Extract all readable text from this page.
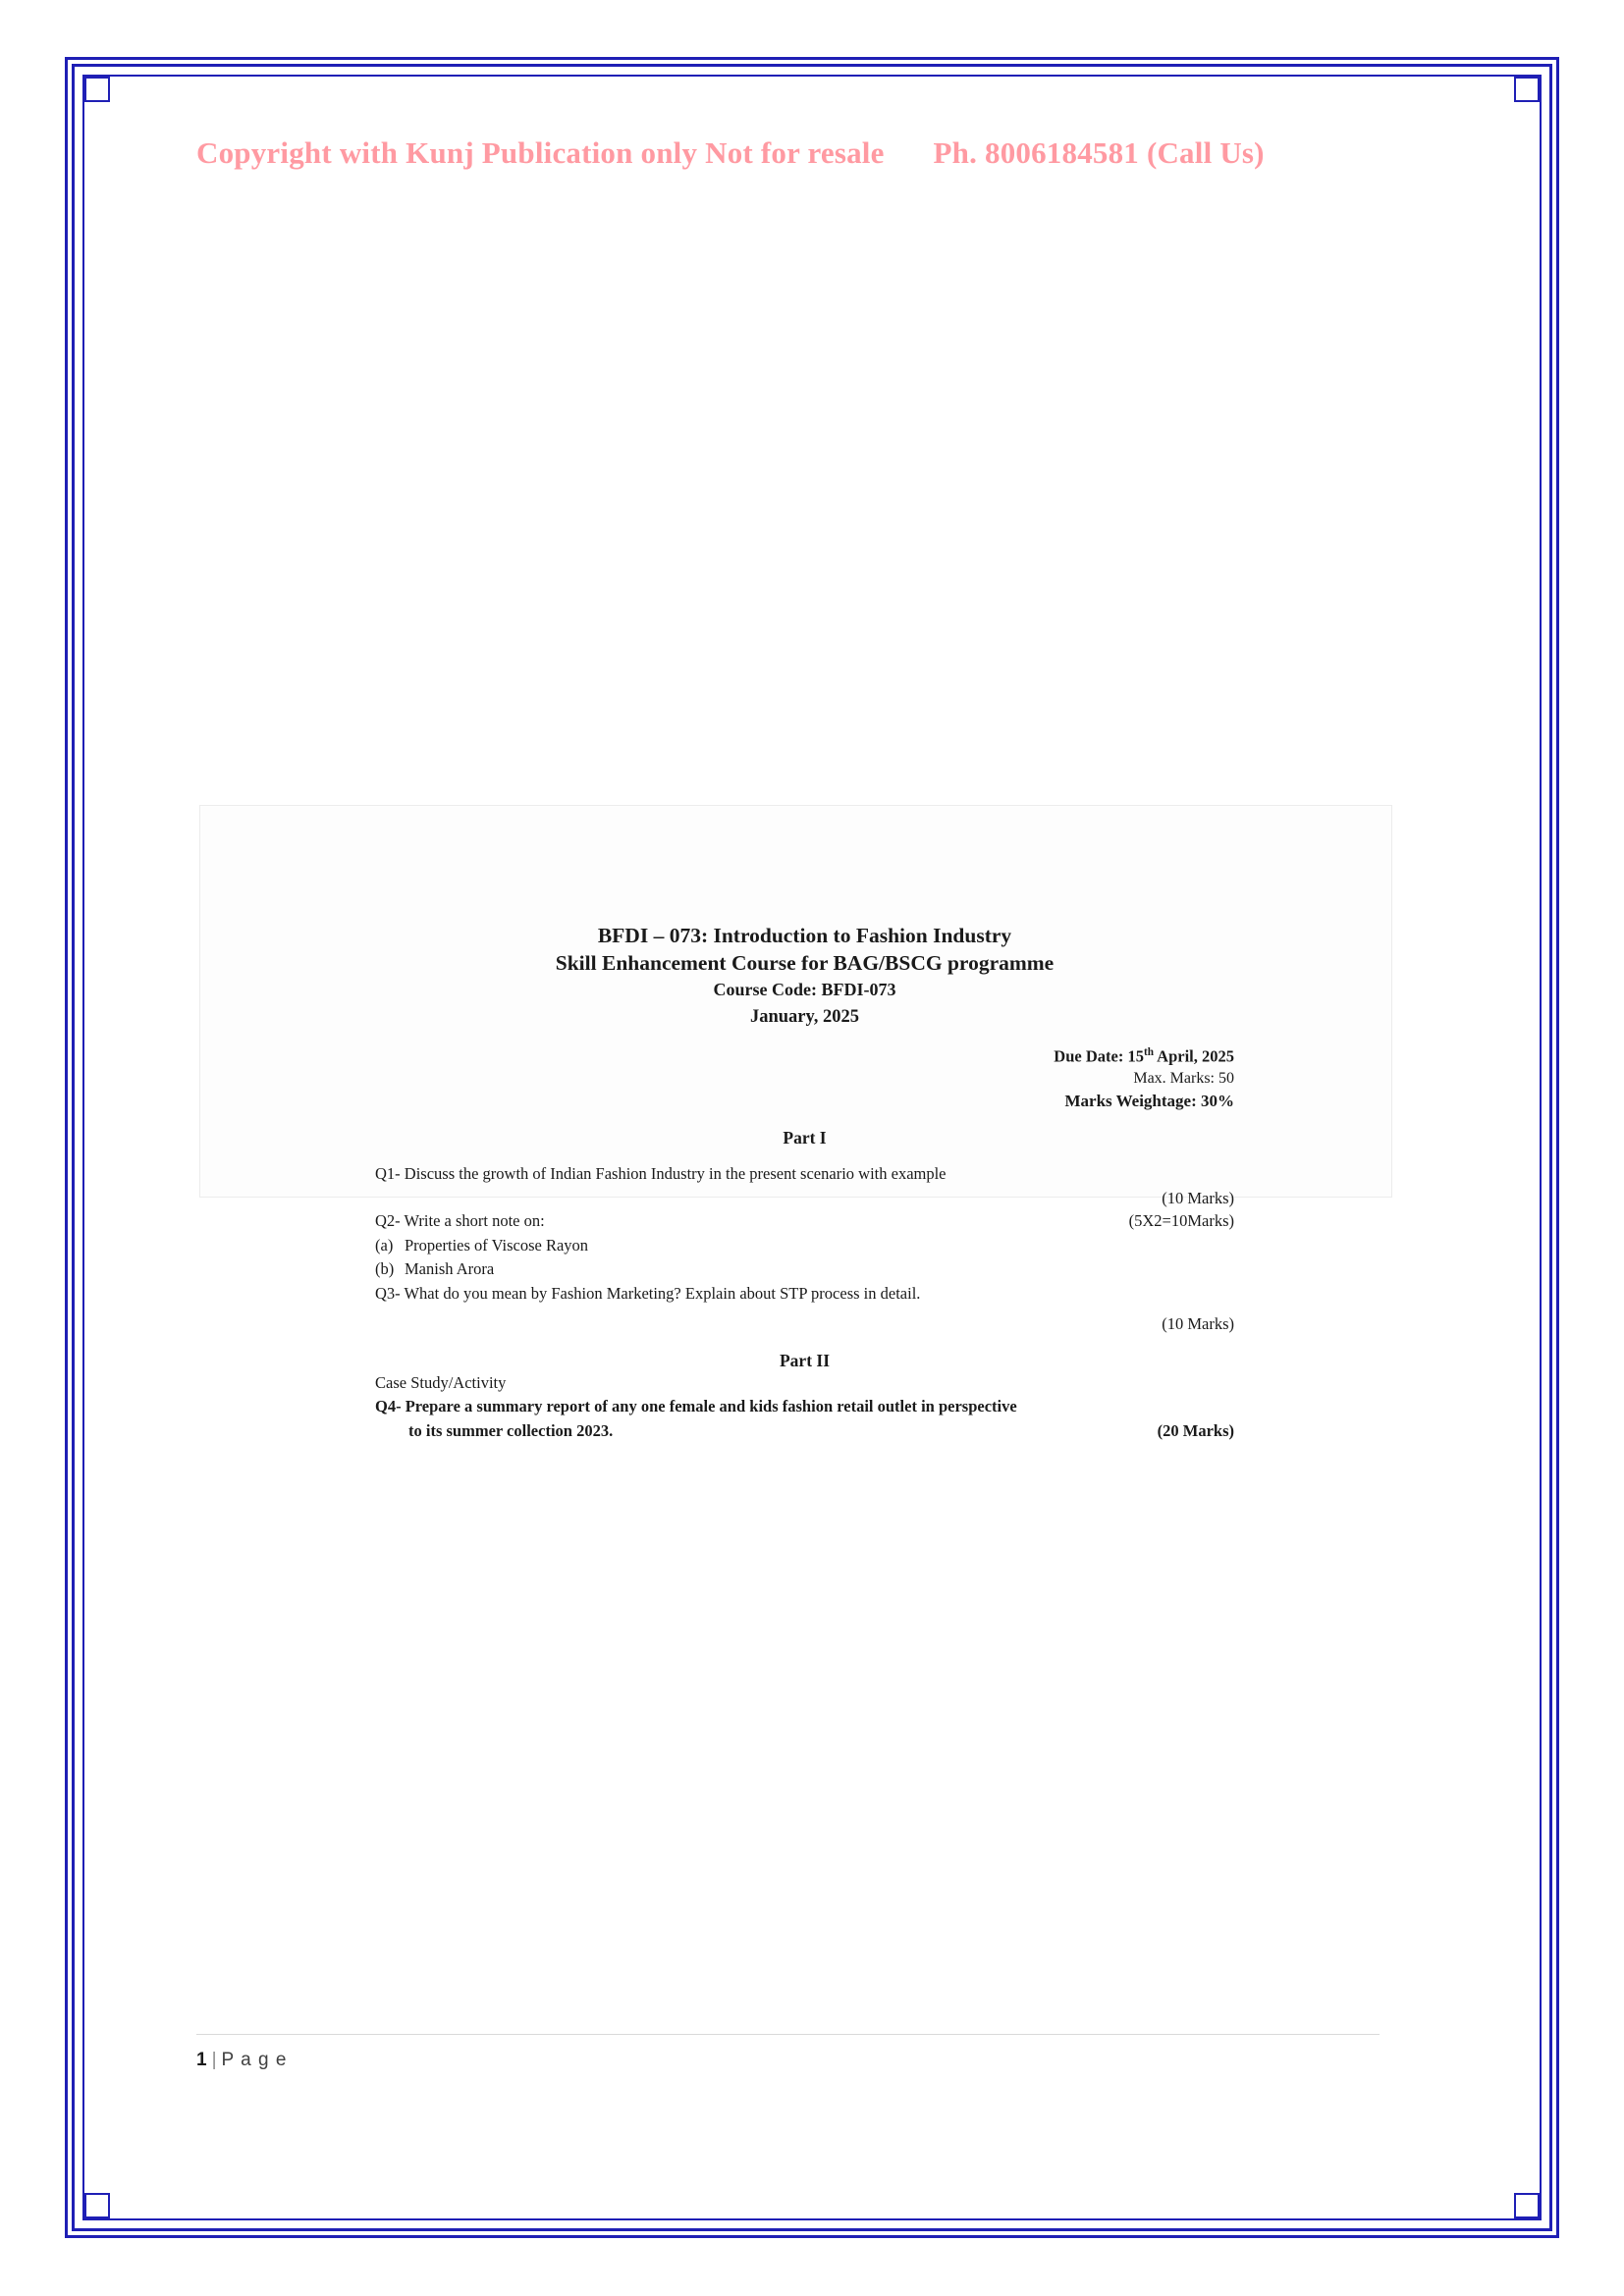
Copyright with Kunj Publication only Not for resale Ph. 8006184581 (Call Us)
BFDI – 073: Introduction to Fashion Industry
Skill Enhancement Course for BAG/BSCG programme
Course Code: BFDI-073
January, 2025
Due Date: 15th April, 2025
Max. Marks: 50
Marks Weightage: 30%
Part I
Q1- Discuss the growth of Indian Fashion Industry in the present scenario with example
(10 Marks)
(5X2=10Marks)
Q2- Write a short note on:
(a) Properties of Viscose Rayon
(b) Manish Arora
Q3- What do you mean by Fashion Marketing? Explain about STP process in detail.
(10 Marks)
Part II
Case Study/Activity
Q4- Prepare a summary report of any one female and kids fashion retail outlet in perspective
(20 Marks)
to its summer collection 2023.
1 | P a g e
